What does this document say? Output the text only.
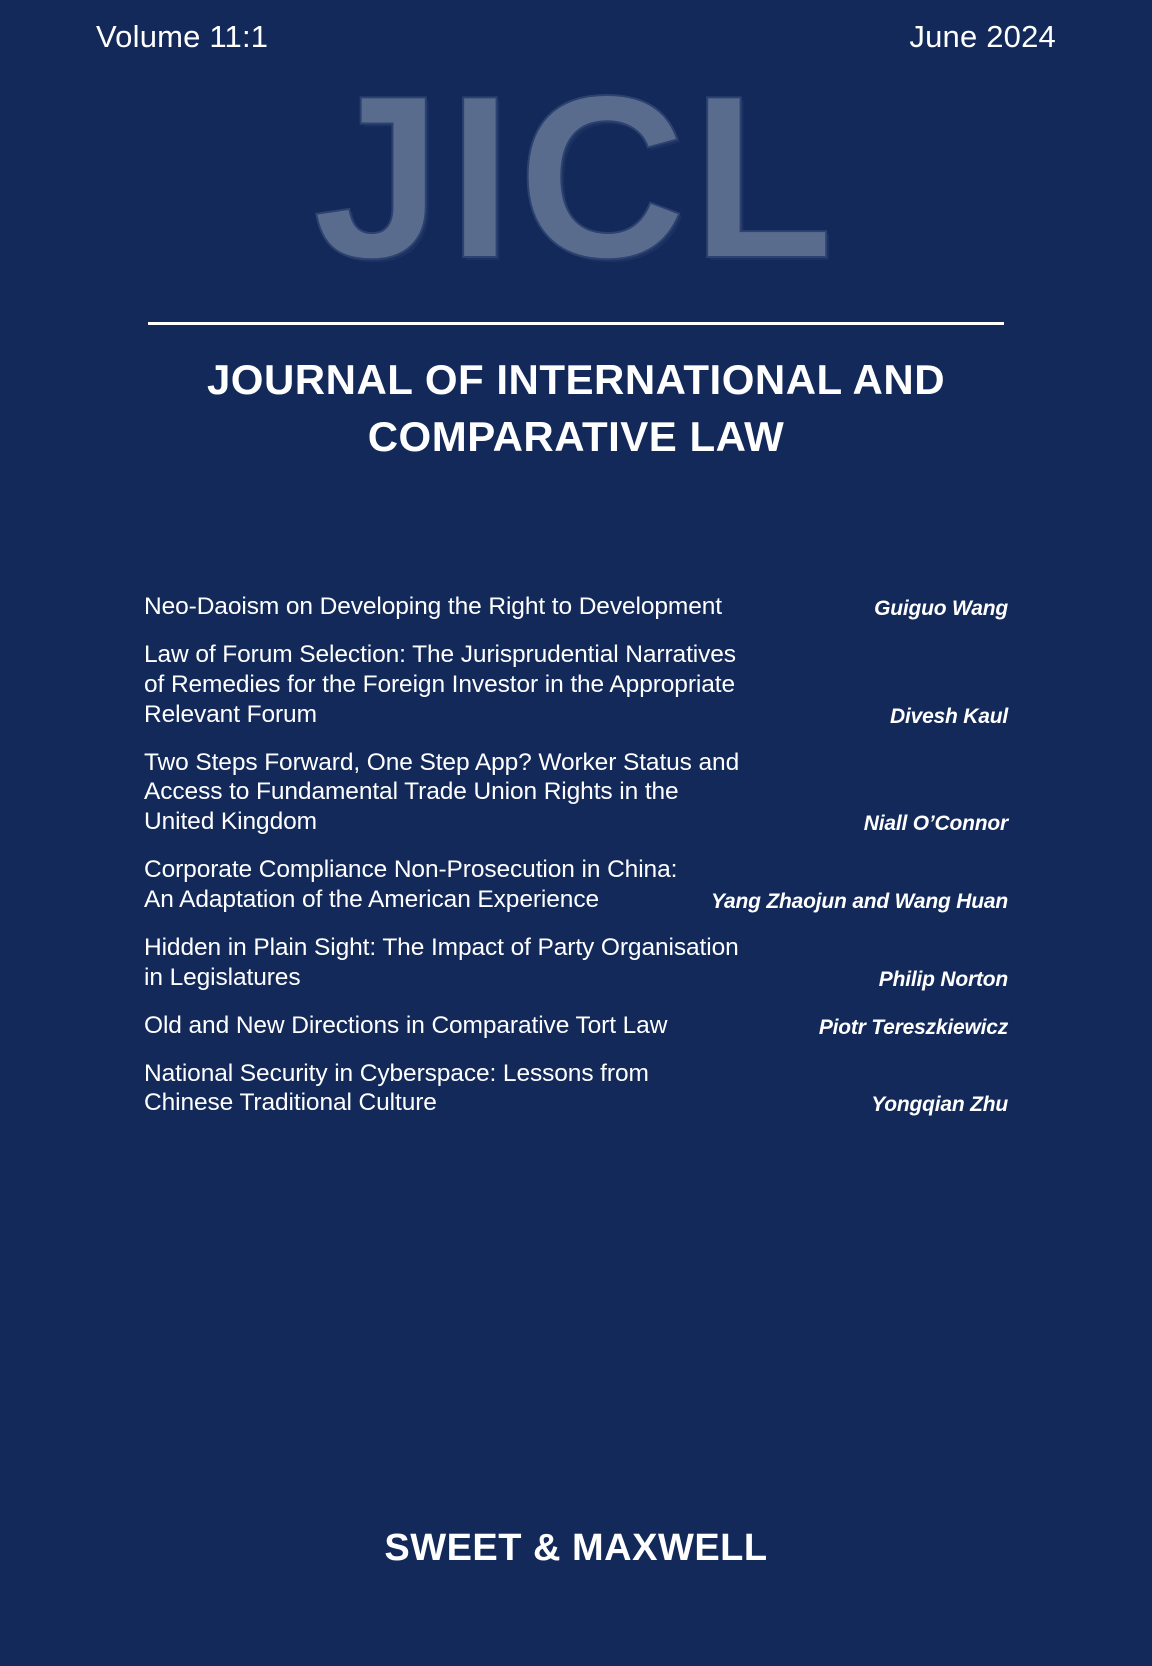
Volume 11:1	June 2024
JICL
JOURNAL OF INTERNATIONAL AND COMPARATIVE LAW
Neo-Daoism on Developing the Right to Development	Guiguo Wang
Law of Forum Selection: The Jurisprudential Narratives of Remedies for the Foreign Investor in the Appropriate Relevant Forum	Divesh Kaul
Two Steps Forward, One Step App? Worker Status and Access to Fundamental Trade Union Rights in the United Kingdom	Niall O’Connor
Corporate Compliance Non-Prosecution in China: An Adaptation of the American Experience	Yang Zhaojun and Wang Huan
Hidden in Plain Sight: The Impact of Party Organisation in Legislatures	Philip Norton
Old and New Directions in Comparative Tort Law	Piotr Tereszkiewicz
National Security in Cyberspace: Lessons from Chinese Traditional Culture	Yongqian Zhu
SWEET & MAXWELL
